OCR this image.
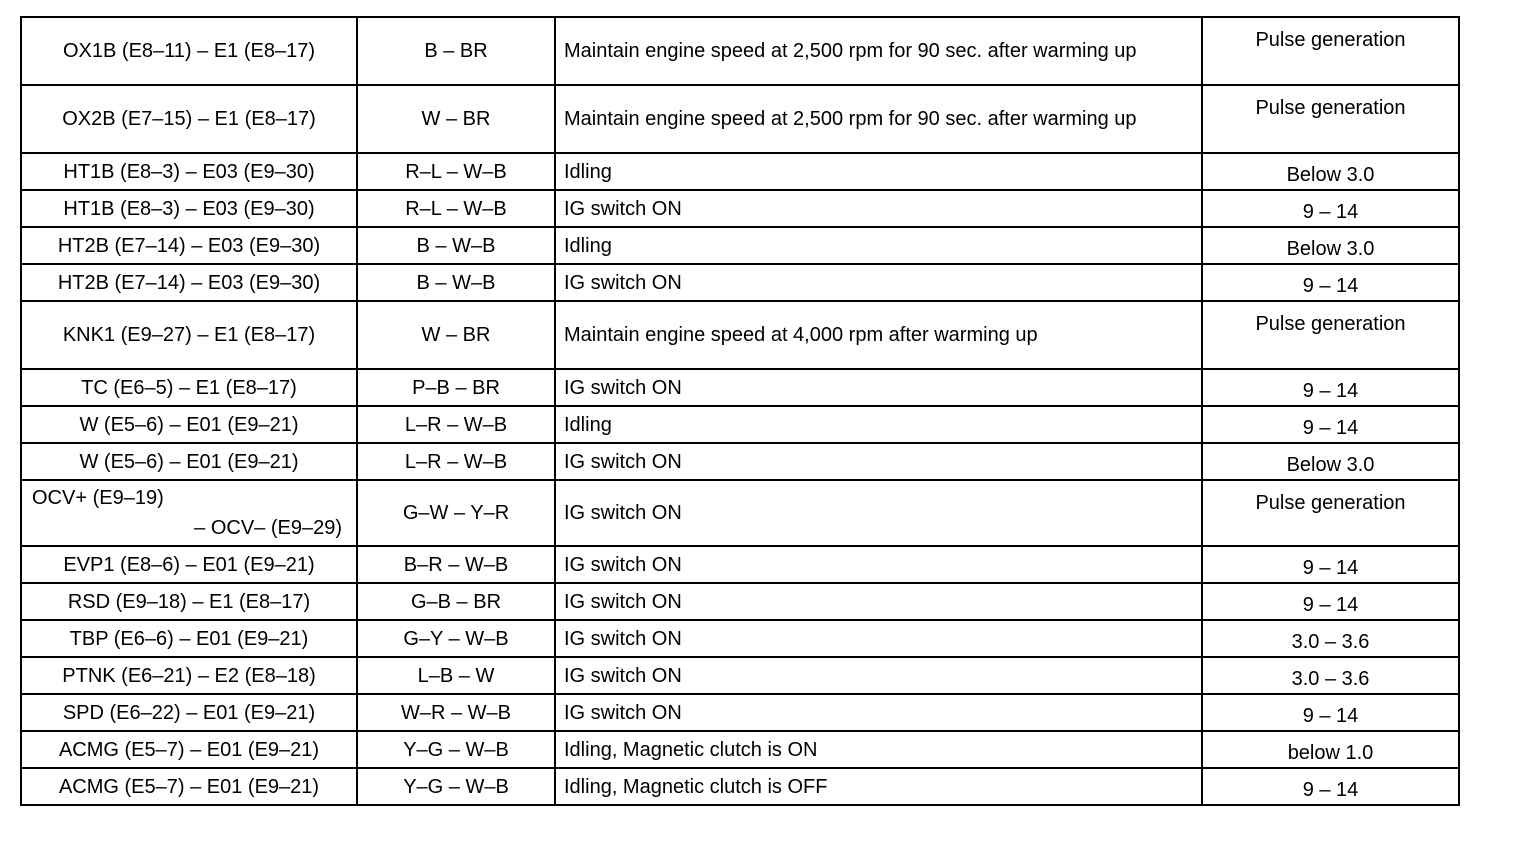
OX1B (E8–11) – E1 (E8–17)	B – BR	Maintain engine speed at 2,500 rpm for 90 sec. after warming up	Pulse generation
OX2B (E7–15) – E1 (E8–17)	W – BR	Maintain engine speed at 2,500 rpm for 90 sec. after warming up	Pulse generation
HT1B (E8–3) – E03 (E9–30)	R–L – W–B	Idling	Below 3.0
HT1B (E8–3) – E03 (E9–30)	R–L – W–B	IG switch ON	9 – 14
HT2B (E7–14) – E03 (E9–30)	B – W–B	Idling	Below 3.0
HT2B (E7–14) – E03 (E9–30)	B – W–B	IG switch ON	9 – 14
KNK1 (E9–27) – E1 (E8–17)	W – BR	Maintain engine speed at 4,000 rpm after warming up	Pulse generation
TC (E6–5) – E1 (E8–17)	P–B – BR	IG switch ON	9 – 14
W (E5–6) – E01 (E9–21)	L–R – W–B	Idling	9 – 14
W (E5–6) – E01 (E9–21)	L–R – W–B	IG switch ON	Below 3.0
OCV+ (E9–19)
– OCV– (E9–29)	G–W – Y–R	IG switch ON	Pulse generation
EVP1 (E8–6) – E01 (E9–21)	B–R – W–B	IG switch ON	9 – 14
RSD (E9–18) – E1 (E8–17)	G–B – BR	IG switch ON	9 – 14
TBP (E6–6) – E01 (E9–21)	G–Y – W–B	IG switch ON	3.0 – 3.6
PTNK (E6–21) – E2 (E8–18)	L–B – W	IG switch ON	3.0 – 3.6
SPD (E6–22) – E01 (E9–21)	W–R – W–B	IG switch ON	9 – 14
ACMG (E5–7) – E01 (E9–21)	Y–G – W–B	Idling, Magnetic clutch is ON	below 1.0
ACMG (E5–7) – E01 (E9–21)	Y–G – W–B	Idling, Magnetic clutch is OFF	9 – 14
